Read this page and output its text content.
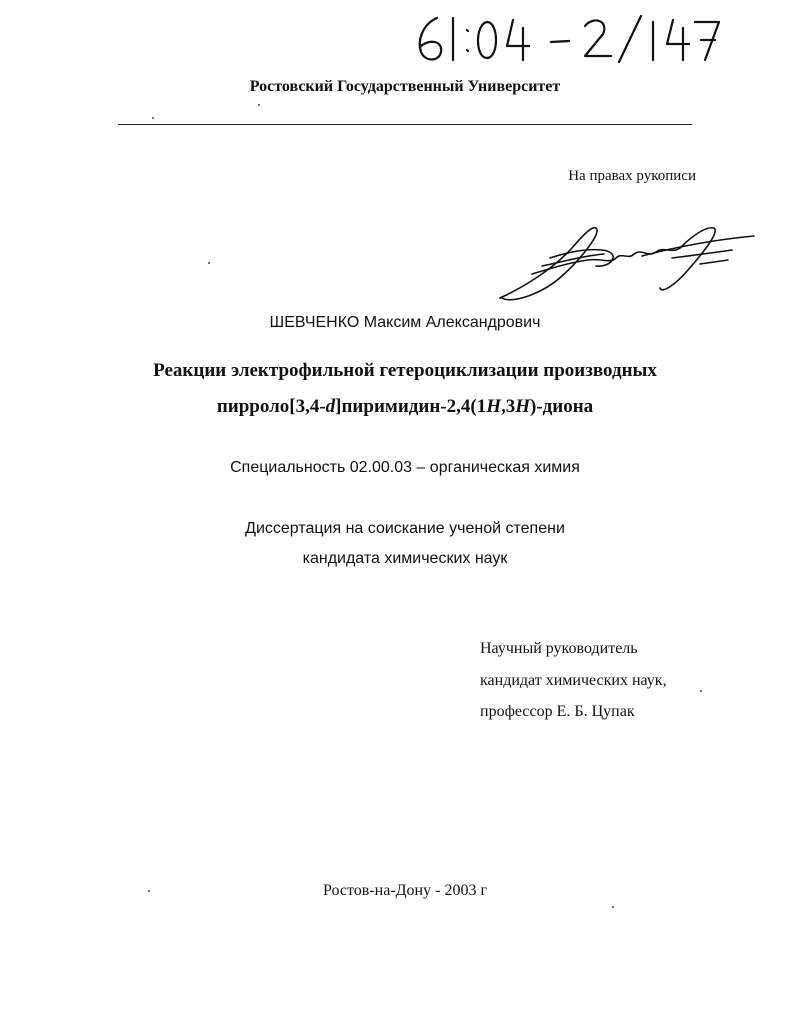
Ростовский Государственный Университет
На правах рукописи
ШЕВЧЕНКО Максим Александрович
Реакции электрофильной гетероциклизации производных
пирроло[3,4-d]пиримидин-2,4(1H,3H)-диона
Специальность 02.00.03 – органическая химия
Диссертация на соискание ученой степени
кандидата химических наук
Научный руководитель
кандидат химических наук,
профессор Е. Б. Цупак
Ростов-на-Дону - 2003 г
